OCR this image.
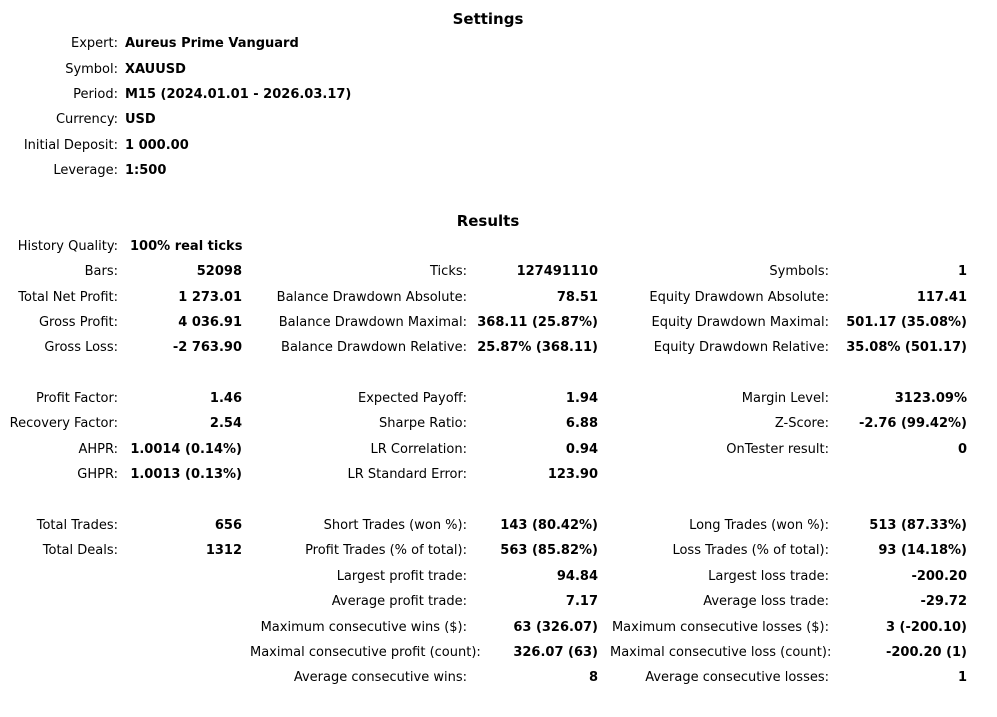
Settings
Expert: Aureus Prime Vanguard
Symbol: XAUUSD
Period: M15 (2024.01.01 - 2026.03.17)
Currency: USD
Initial Deposit: 1 000.00
Leverage: 1:500
Results
History Quality: 100% real ticks
Bars:	52098	Ticks:	127491110	Symbols:	1
Total Net Profit:	1 273.01	Balance Drawdown Absolute:	78.51	Equity Drawdown Absolute:	117.41
Gross Profit:	4 036.91	Balance Drawdown Maximal: 368.11 (25.87%)	Equity Drawdown Maximal:	501.17 (35.08%)
Gross Loss:	-2 763.90	Balance Drawdown Relative: 25.87% (368.11)	Equity Drawdown Relative:	35.08% (501.17)
Profit Factor:	1.46	Expected Payoff:	1.94	Margin Level:	3123.09%
Recovery Factor:	2.54	Sharpe Ratio:	6.88	Z-Score:	-2.76 (99.42%)
AHPR: 1.0014 (0.14%)	LR Correlation:	0.94	OnTester result:	0
GHPR: 1.0013 (0.13%)	LR Standard Error:	123.90
Total Trades:	656	Short Trades (won %):	143 (80.42%)	Long Trades (won %):	513 (87.33%)
Total Deals:	1312	Profit Trades (% of total):	563 (85.82%)	Loss Trades (% of total):	93 (14.18%)
Largest profit trade:	94.84	Largest loss trade:	-200.20
Average profit trade:	7.17	Average loss trade:	-29.72
Maximum consecutive wins ($):	63 (326.07) Maximum consecutive losses ($):	3 (-200.10)
Maximal consecutive profit (count):	326.07 (63) Maximal consecutive loss (count):	-200.20 (1)
Average consecutive wins:	8	Average consecutive losses:	1
